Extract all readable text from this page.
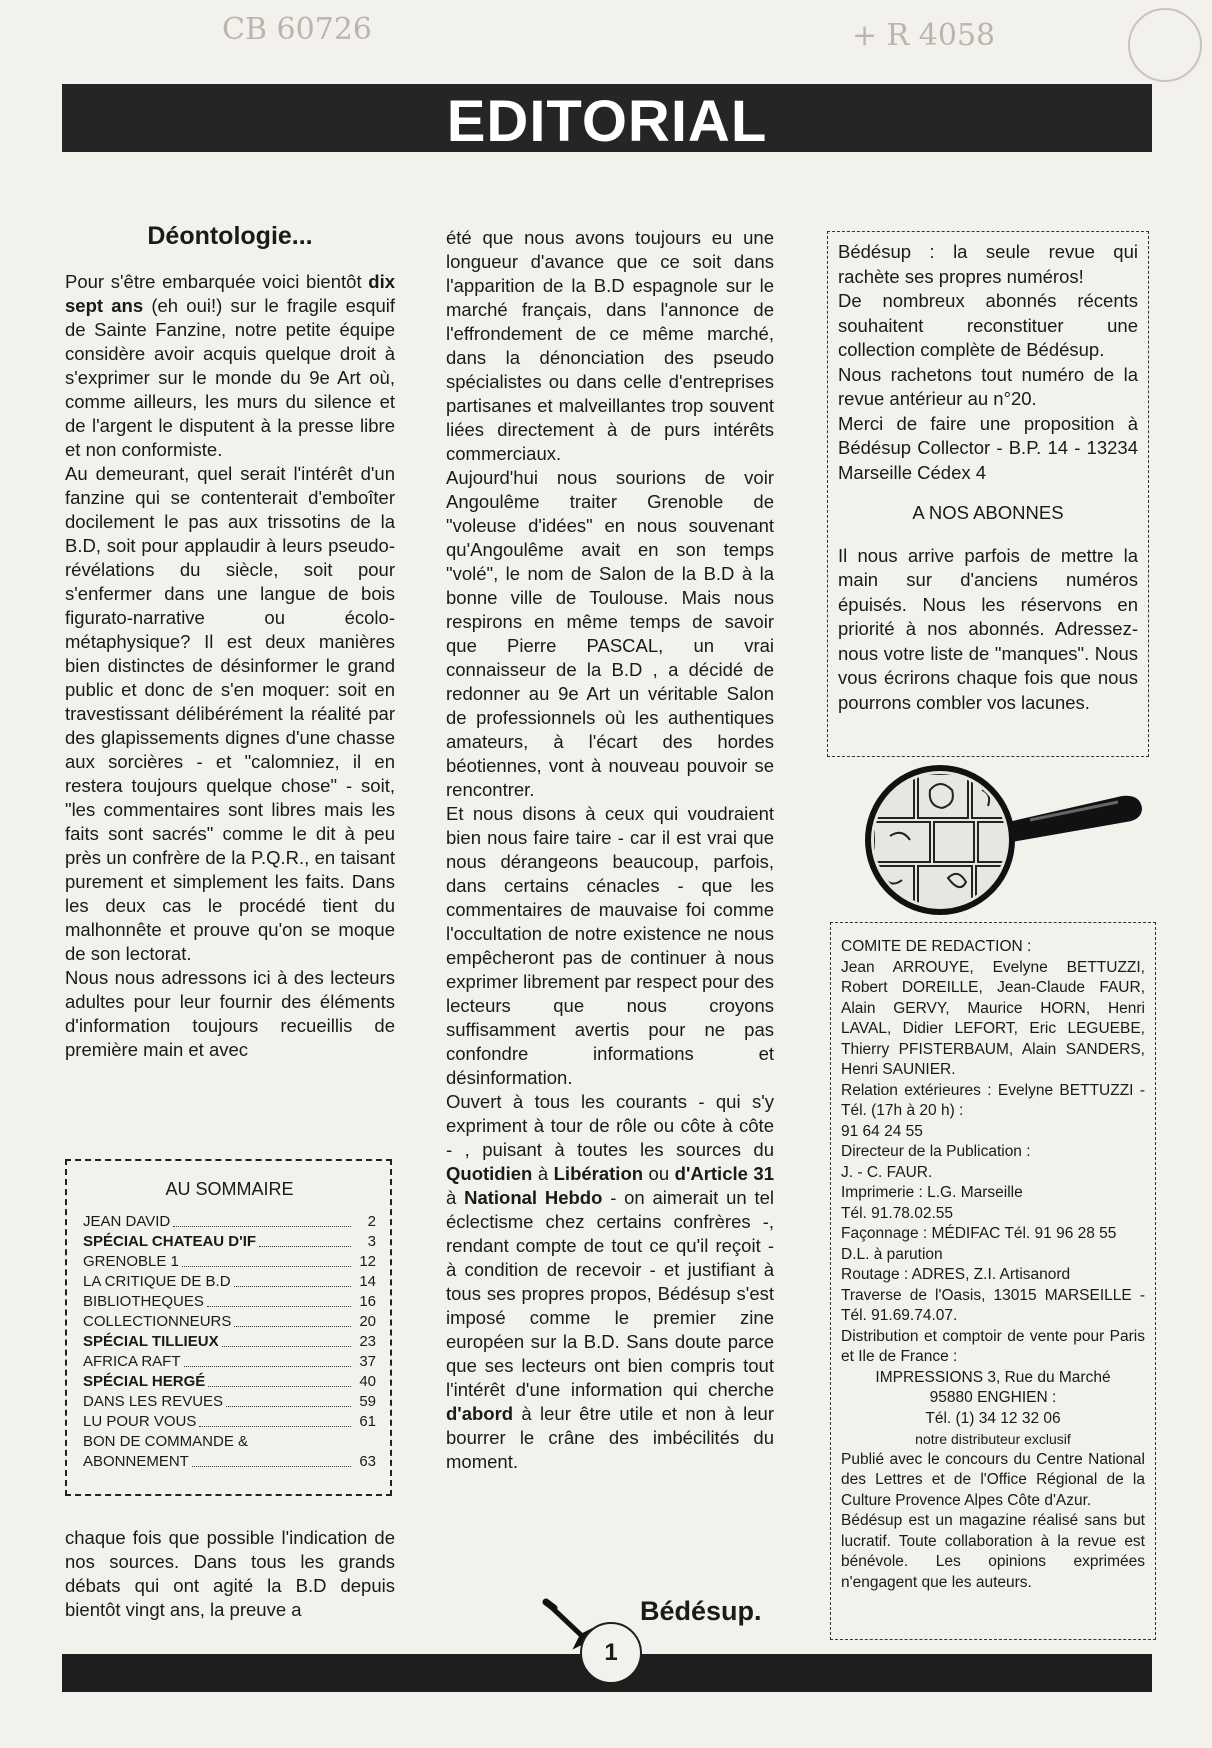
CB 60726	+ R 4058
EDITORIAL
Déontologie...

Pour s'être embarquée voici bientôt dix sept ans (eh oui!) sur le fragile esquif de Sainte Fanzine, notre petite équipe considère avoir acquis quelque droit à s'exprimer sur le monde du 9e Art où, comme ailleurs, les murs du silence et de l'argent le disputent à la presse libre et non conformiste.

Au demeurant, quel serait l'intérêt d'un fanzine qui se contenterait d'emboîter docilement le pas aux trissotins de la B.D, soit pour applaudir à leurs pseudo-révélations du siècle, soit pour s'enfermer dans une langue de bois figurato-narrative ou écolo-métaphysique? Il est deux manières bien distinctes de désinformer le grand public et donc de s'en moquer: soit en travestissant délibérément la réalité par des glapissements dignes d'une chasse aux sorcières - et "calomniez, il en restera toujours quelque chose" - soit, "les commentaires sont libres mais les faits sont sacrés" comme le dit à peu près un confrère de la P.Q.R., en taisant purement et simplement les faits. Dans les deux cas le procédé tient du malhonnête et prouve qu'on se moque de son lectorat.

Nous nous adressons ici à des lecteurs adultes pour leur fournir des éléments d'information toujours recueillis de première main et avec

AU SOMMAIRE
JEAN DAVID	2
SPÉCIAL CHATEAU D'IF	3
GRENOBLE 1	12
LA CRITIQUE DE B.D	14
BIBLIOTHEQUES	16
COLLECTIONNEURS	20
SPÉCIAL TILLIEUX	23
AFRICA RAFT	37
SPÉCIAL HERGÉ	40
DANS LES REVUES	59
LU POUR VOUS	61
BON DE COMMANDE &
ABONNEMENT	63

chaque fois que possible l'indication de nos sources. Dans tous les grands débats qui ont agité la B.D depuis bientôt vingt ans, la preuve a

été que nous avons toujours eu une longueur d'avance que ce soit dans l'apparition de la B.D espagnole sur le marché français, dans l'annonce de l'effrondement de ce même marché, dans la dénonciation des pseudo spécialistes ou dans celle d'entreprises partisanes et malveillantes trop souvent liées directement à de purs intérêts commerciaux.

Aujourd'hui nous sourions de voir Angoulême traiter Grenoble de "voleuse d'idées" en nous souvenant qu'Angoulême avait en son temps "volé", le nom de Salon de la B.D à la bonne ville de Toulouse. Mais nous respirons en même temps de savoir que Pierre PASCAL, un vrai connaisseur de la B.D , a décidé de redonner au 9e Art un véritable Salon de professionnels où les authentiques amateurs, à l'écart des hordes béotiennes, vont à nouveau pouvoir se rencontrer.

Et nous disons à ceux qui voudraient bien nous faire taire - car il est vrai que nous dérangeons beaucoup, parfois, dans certains cénacles - que les commentaires de mauvaise foi comme l'occultation de notre existence ne nous empêcheront pas de continuer à nous exprimer librement par respect pour des lecteurs que nous croyons suffisamment avertis pour ne pas confondre informations et désinformation.

Ouvert à tous les courants - qui s'y expriment à tour de rôle ou côte à côte - , puisant à toutes les sources du Quotidien à Libération ou d'Article 31 à National Hebdo - on aimerait un tel éclectisme chez certains confrères -, rendant compte de tout ce qu'il reçoit - à condition de recevoir - et justifiant à tous ses propres propos, Bédésup s'est imposé comme le premier zine européen sur la B.D. Sans doute parce que ses lecteurs ont bien compris tout l'intérêt d'une information qui cherche d'abord à leur être utile et non à leur bourrer le crâne des imbécilités du moment.

Bédésup : la seule revue qui rachète ses propres numéros!

De nombreux abonnés récents souhaitent reconstituer une collection complète de Bédésup.

Nous rachetons tout numéro de la revue antérieur au n°20.

Merci de faire une proposition à Bédésup Collector - B.P. 14 - 13234 Marseille Cédex 4

A NOS ABONNES

Il nous arrive parfois de mettre la main sur d'anciens numéros épuisés. Nous les réservons en priorité à nos abonnés. Adressez-nous votre liste de "manques". Nous vous écrirons chaque fois que nous pourrons combler vos lacunes.

COMITE DE REDACTION :

Jean ARROUYE, Evelyne BETTUZZI, Robert DOREILLE, Jean-Claude FAUR, Alain GERVY, Maurice HORN, Henri LAVAL, Didier LEFORT, Eric LEGUEBE, Thierry PFISTERBAUM, Alain SANDERS, Henri SAUNIER.

Relation extérieures : Evelyne BETTUZZI - Tél. (17h à 20 h) :

91 64 24 55

Directeur de la Publication :

J. - C. FAUR.

Imprimerie : L.G. Marseille

Tél. 91.78.02.55

Façonnage : MÉDIFAC Tél. 91 96 28 55

D.L. à parution

Routage : ADRES, Z.I. Artisanord

Traverse de l'Oasis, 13015 MARSEILLE - Tél. 91.69.74.07.

Distribution et comptoir de vente pour Paris et Ile de France :

IMPRESSIONS 3, Rue du Marché

95880 ENGHIEN :

Tél. (1) 34 12 32 06

notre distributeur exclusif

Publié avec le concours du Centre National des Lettres et de l'Office Régional de la Culture Provence Alpes Côte d'Azur.

Bédésup est un magazine réalisé sans but lucratif. Toute collaboration à la revue est bénévole. Les opinions exprimées n'engagent que les auteurs.

Bédésup.
1
